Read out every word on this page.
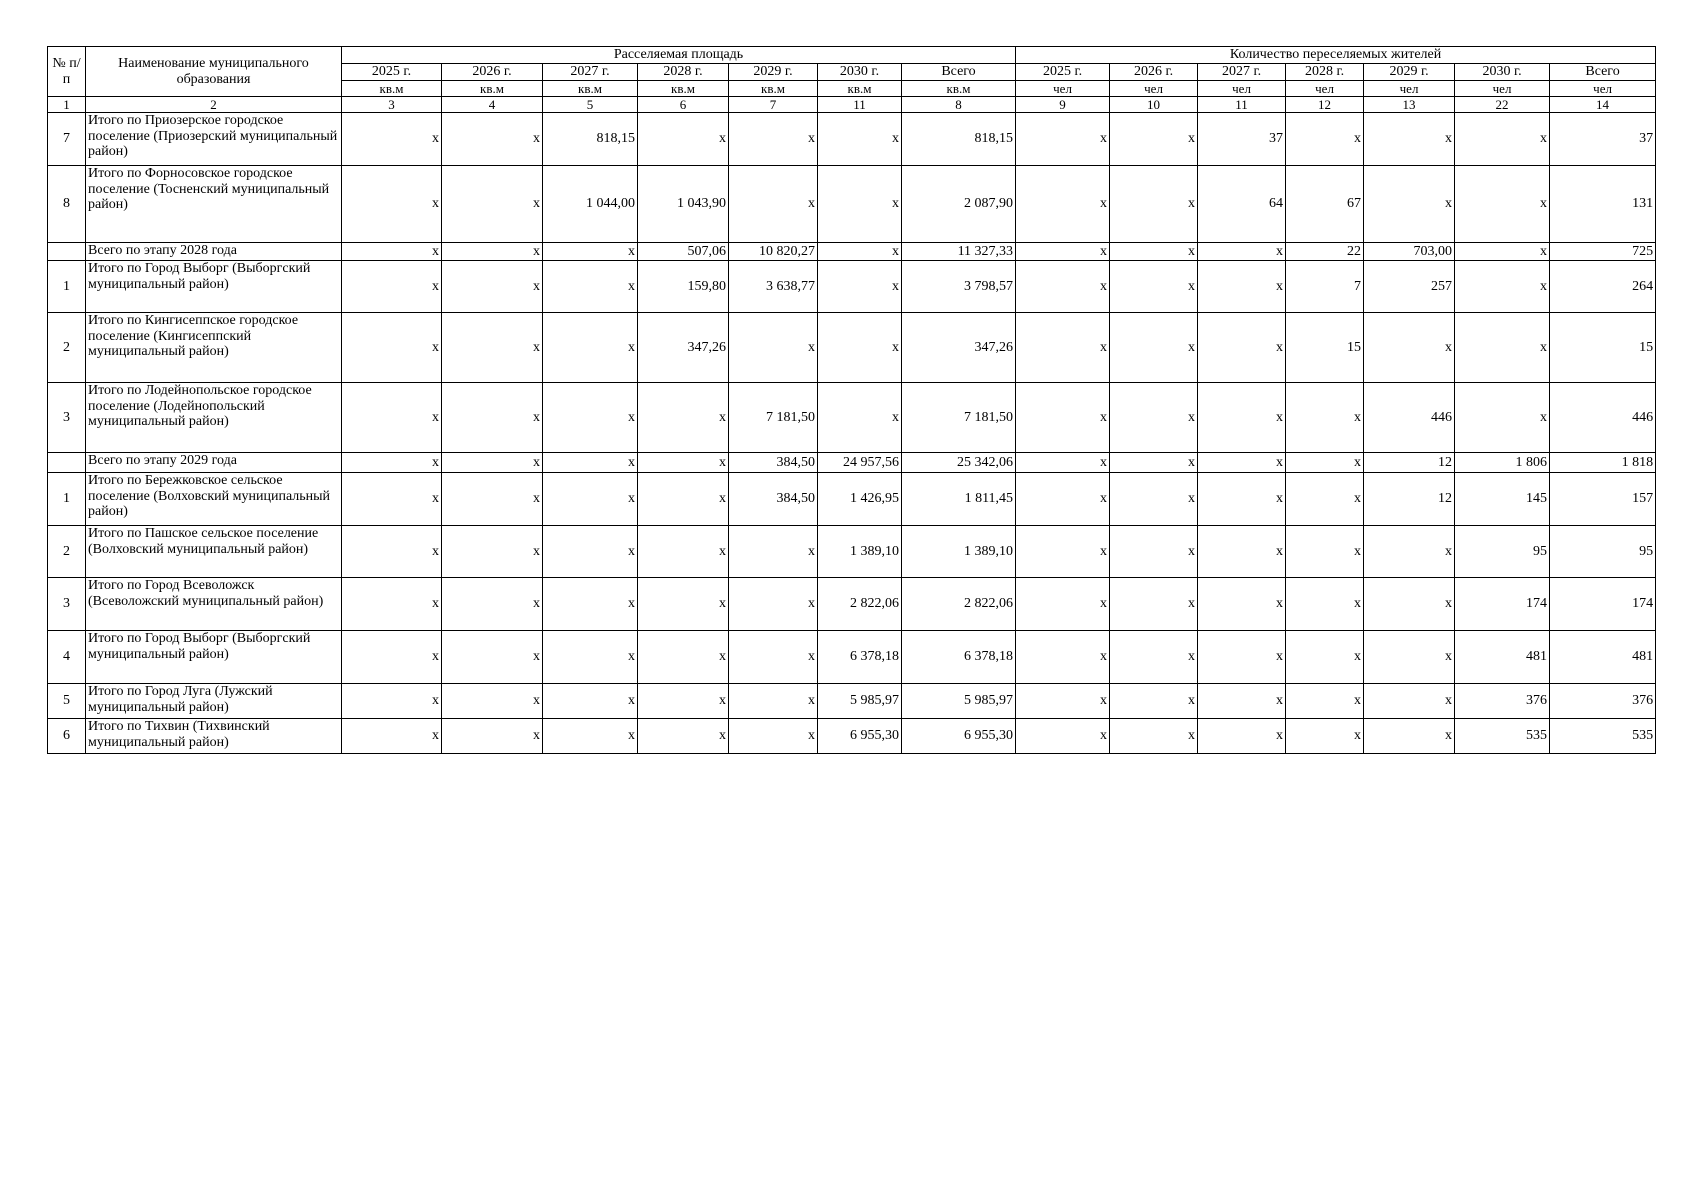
№ п/п	Наименование муниципального образования	Расселяемая площадь							Количество переселяемых жителей						
		2025 г.	2026 г.	2027 г.	2028 г.	2029 г.	2030 г.	Всего	2025 г.	2026 г.	2027 г.	2028 г.	2029 г.	2030 г.	Всего
		кв.м	кв.м	кв.м	кв.м	кв.м	кв.м	кв.м	чел	чел	чел	чел	чел	чел	чел
1	2	3	4	5	6	7	11	8	9	10	11	12	13	22	14
7	Итого по Приозерское городское поселение (Приозерский муниципальный район)	x	x	818,15	x	x	x	818,15	x	x	37	x	x	x	37
8	Итого по Форносовское городское поселение (Тосненский муниципальный район)	x	x	1 044,00	1 043,90	x	x	2 087,90	x	x	64	67	x	x	131
	Всего по этапу 2028 года	x	x	x	507,06	10 820,27	x	11 327,33	x	x	x	22	703,00	x	725
1	Итого по Город Выборг (Выборгский муниципальный район)	x	x	x	159,80	3 638,77	x	3 798,57	x	x	x	7	257	x	264
2	Итого по Кингисеппское городское поселение (Кингисеппский муниципальный район)	x	x	x	347,26	x	x	347,26	x	x	x	15	x	x	15
3	Итого по Лодейнопольское городское поселение (Лодейнопольский муниципальный район)	x	x	x	x	7 181,50	x	7 181,50	x	x	x	x	446	x	446
	Всего по этапу 2029 года	x	x	x	x	384,50	24 957,56	25 342,06	x	x	x	x	12	1 806	1 818
1	Итого по Бережковское сельское поселение (Волховский муниципальный район)	x	x	x	x	384,50	1 426,95	1 811,45	x	x	x	x	12	145	157
2	Итого по Пашское сельское поселение (Волховский муниципальный район)	x	x	x	x	x	1 389,10	1 389,10	x	x	x	x	x	95	95
3	Итого по Город Всеволожск (Всеволожский муниципальный район)	x	x	x	x	x	2 822,06	2 822,06	x	x	x	x	x	174	174
4	Итого по Город Выборг (Выборгский муниципальный район)	x	x	x	x	x	6 378,18	6 378,18	x	x	x	x	x	481	481
5	Итого по Город Луга (Лужский муниципальный район)	x	x	x	x	x	5 985,97	5 985,97	x	x	x	x	x	376	376
6	Итого по Тихвин (Тихвинский муниципальный район)	x	x	x	x	x	6 955,30	6 955,30	x	x	x	x	x	535	535
